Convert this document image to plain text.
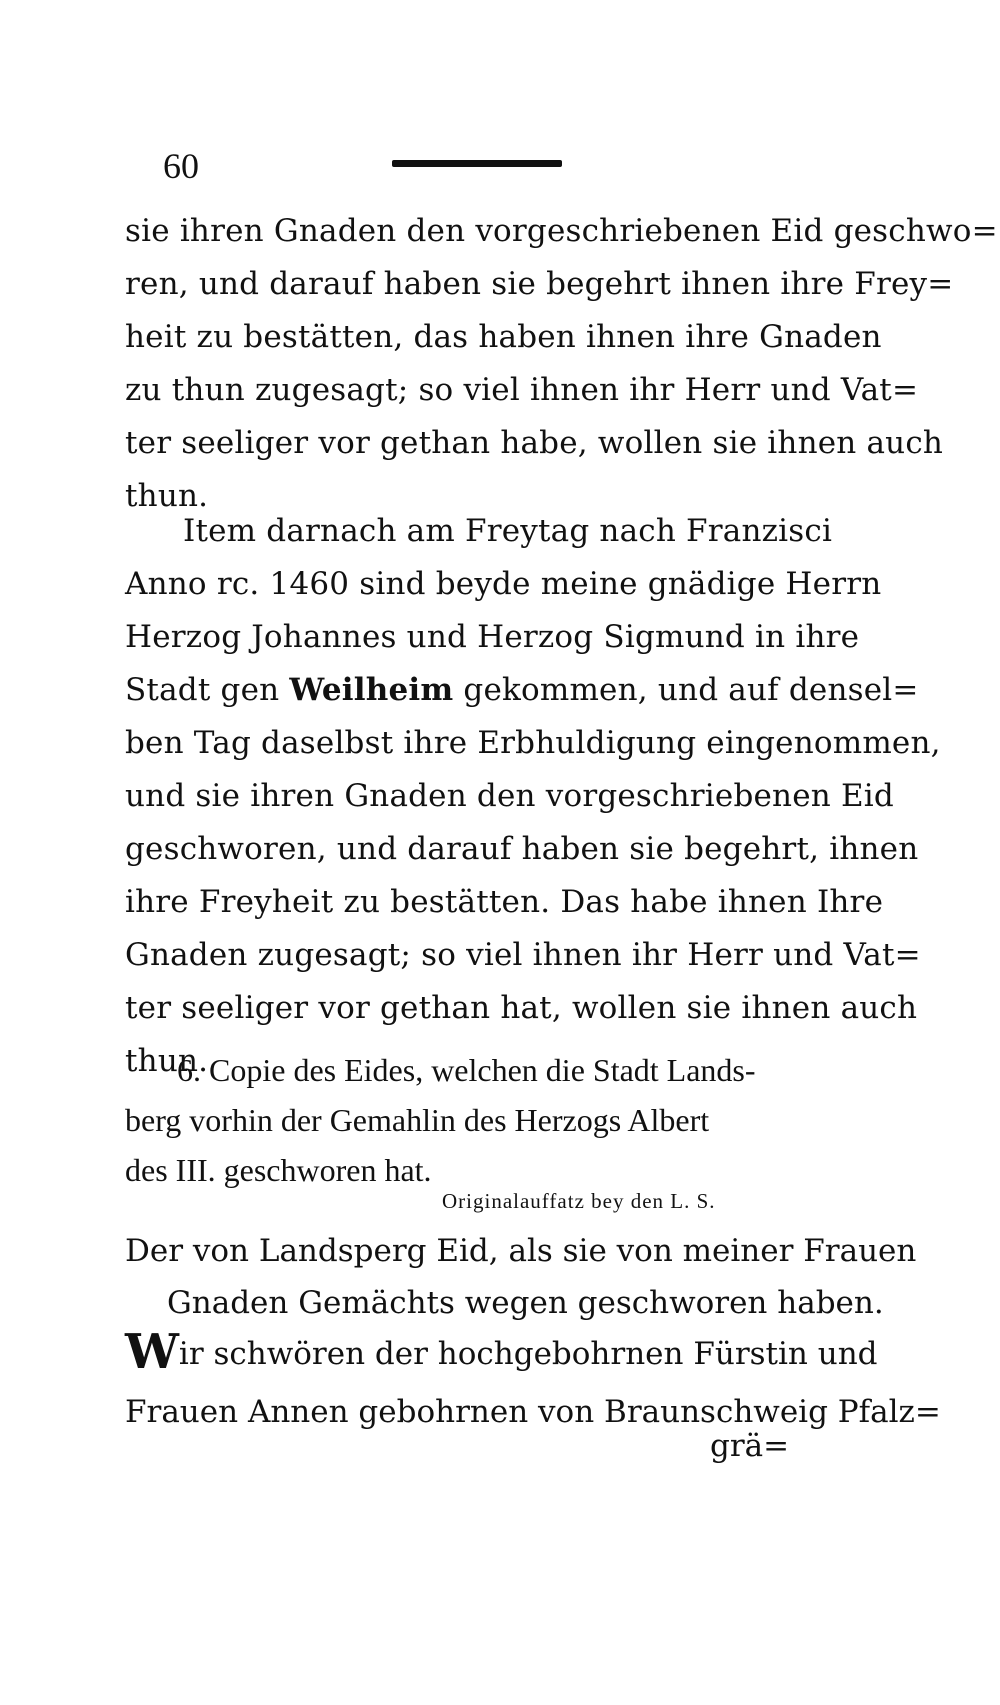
60
sie ihren Gnaden den vorgeschriebenen Eid geschwo=
ren, und darauf haben sie begehrt ihnen ihre Frey=
heit zu bestätten, das haben ihnen ihre Gnaden
zu thun zugesagt; so viel ihnen ihr Herr und Vat=
ter seeliger vor gethan habe, wollen sie ihnen auch
thun.
Item darnach am Freytag nach Franzisci
Anno rc. 1460 sind beyde meine gnädige Herrn
Herzog Johannes und Herzog Sigmund in ihre
Stadt gen Weilheim gekommen, und auf densel=
ben Tag daselbst ihre Erbhuldigung eingenommen,
und sie ihren Gnaden den vorgeschriebenen Eid
geschworen, und darauf haben sie begehrt, ihnen
ihre Freyheit zu bestätten. Das habe ihnen Ihre
Gnaden zugesagt; so viel ihnen ihr Herr und Vat=
ter seeliger vor gethan hat, wollen sie ihnen auch
thun.
6. Copie des Eides, welchen die Stadt Lands-
berg vorhin der Gemahlin des Herzogs Albert
des III. geschworen hat.
Originalauffatz bey den L. S.
Der von Landsperg Eid, als sie von meiner Frauen
Gnaden Gemächts wegen geschworen haben.
Wir schwören der hochgebohrnen Fürstin und
Frauen Annen gebohrnen von Braunschweig Pfalz=
grä=
